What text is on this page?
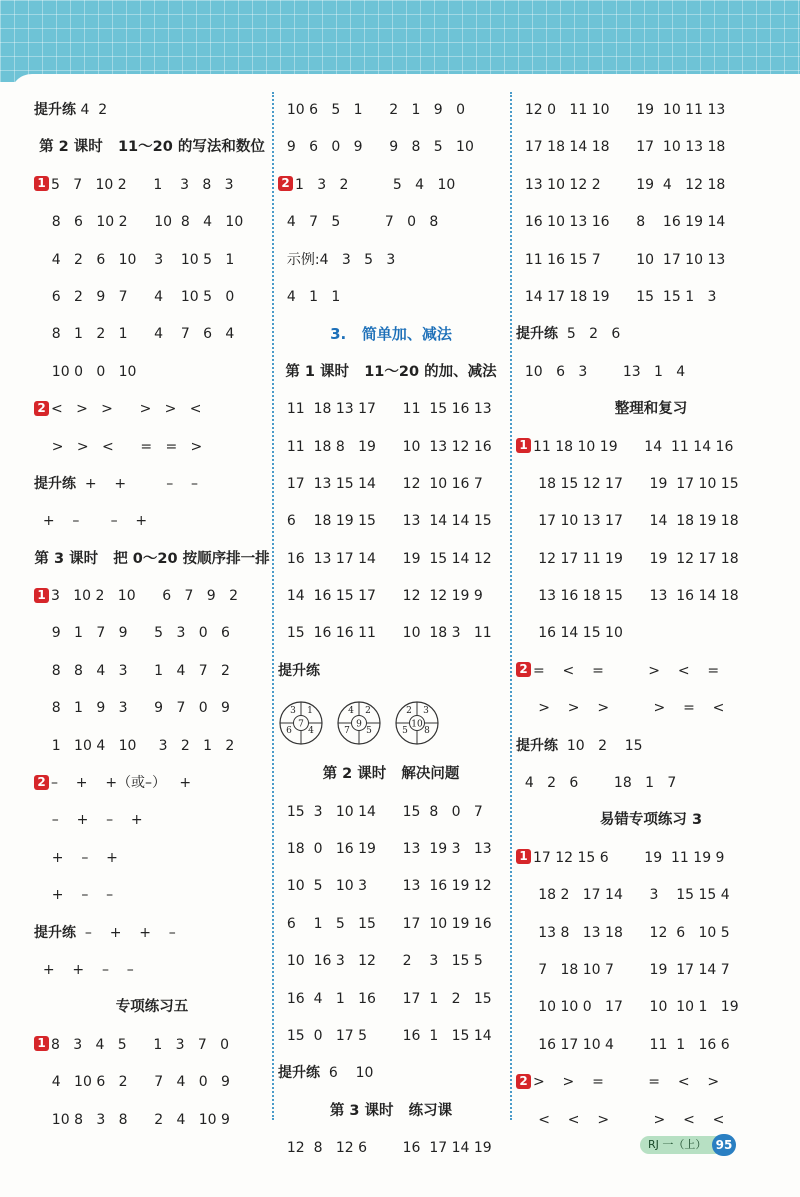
提升练 4  2
第 2 课时   11～20 的写法和数位
1 5   7   10 2      1    3   8   3
8   6   10 2      10  8   4   10
4   2   6   10    3    10 5   1
6   2   9   7      4    10 5   0
8   1   2   1      4    7   6   4
10 0   0   10
2 <   >   >      >   >   <
>   >   <      =   =   >
提升练  +    +         –    –
+    –       –    +
第 3 课时   把 0～20 按顺序排一排
1 3   10 2   10      6   7   9   2
9   1   7   9      5   3   0   6
8   8   4   3      1   4   7   2
8   1   9   3      9   7   0   9
1   10 4   10     3   2   1   2
2 –    +    +（或–）   +
–    +    –    +
+    –    +
+    –    –
提升练  –    +    +    –
+    +    –    –
专项练习五
1 8   3   4   5      1   3   7   0
4   10 6   2      7   4   0   9
10 8   3   8      2   4   10 9
10 6   5   1      2   1   9   0
9   6   0   9      9   8   5   10
2 1   3   2          5   4   10
4   7   5          7   0   8
示例:4   3   5   3
4   1   1
3.   简单加、减法
第 1 课时   11～20 的加、减法
11  18 13 17      11  15 16 13
11  18 8   19      10  13 12 16
17  13 15 14      12  10 16 7
6    18 19 15      13  14 14 15
16  13 17 14      19  15 14 12
14  16 15 17      12  12 19 9
15  16 16 11      10  18 3   11
提升练
7
3
6
1
4
9
4
7
2
5
10
2
5
3
8
第 2 课时   解决问题
15  3   10 14      15  8   0   7
18  0   16 19      13  19 3   13
10  5   10 3        13  16 19 12
6    1   5   15      17  10 19 16
10  16 3   12      2    3   15 5
16  4   1   16      17  1   2   15
15  0   17 5        16  1   15 14
提升练  6    10
第 3 课时   练习课
12  8   12 6        16  17 14 19
12 0   11 10      19  10 11 13
17 18 14 18      17  10 13 18
13 10 12 2        19  4   12 18
16 10 13 16      8    16 19 14
11 16 15 7        10  17 10 13
14 17 18 19      15  15 1   3
提升练  5   2   6
10   6   3        13   1   4
整理和复习
1 11 18 10 19      14  11 14 16
18 15 12 17      19  17 10 15
17 10 13 17      14  18 19 18
12 17 11 19      19  12 17 18
13 16 18 15      13  16 14 18
16 14 15 10
2 =    <    =          >    <    =
>    >    >          >    =    <
提升练  10   2    15
4   2   6        18   1   7
易错专项练习 3
1 17 12 15 6        19  11 19 9
18 2   17 14      3    15 15 4
13 8   13 18      12  6   10 5
7   18 10 7        19  17 14 7
10 10 0   17      10  10 1   19
16 17 10 4        11  1   16 6
2 >    >    =          =    <    >
<    <    >          >    <    <
RJ 一（上） 95
